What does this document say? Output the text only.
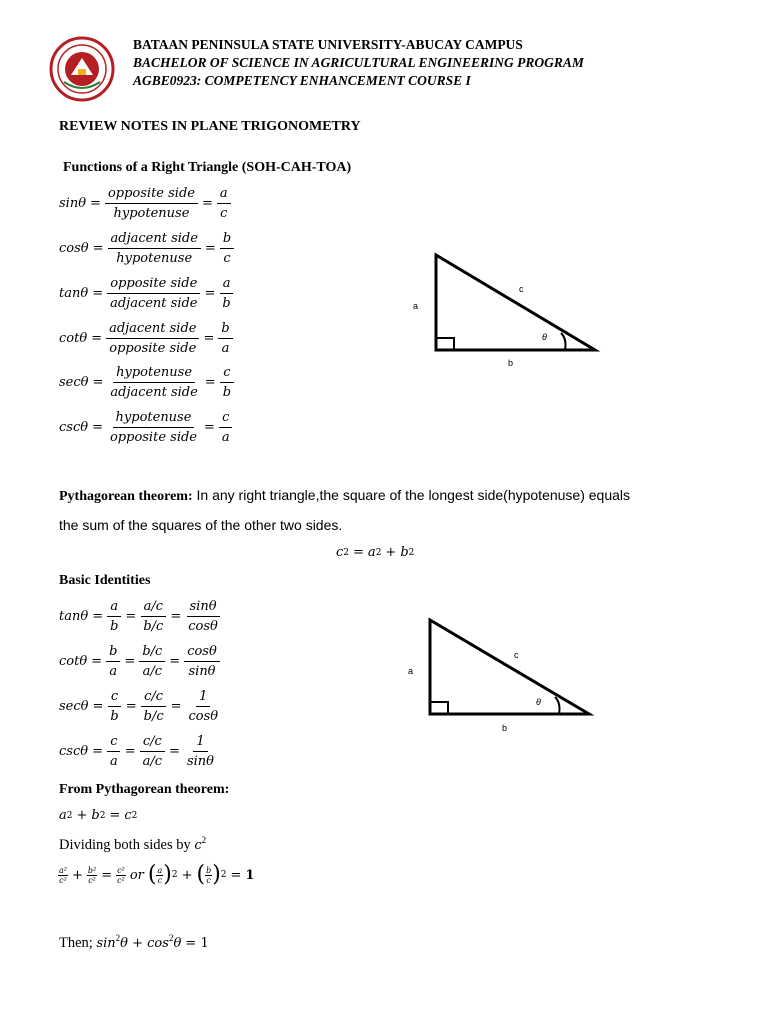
BATAAN PENINSULA STATE UNIVERSITY-ABUCAY CAMPUS
BACHELOR OF SCIENCE IN AGRICULTURAL ENGINEERING PROGRAM
AGBE0923: COMPETENCY ENHANCEMENT COURSE I
REVIEW NOTES IN PLANE TRIGONOMETRY
Functions of a Right Triangle (SOH-CAH-TOA)
$\sin\theta = \frac{\text{opposite side}}{\text{hypotenuse}} = \frac{a}{c}$
$\cos\theta = \frac{\text{adjacent side}}{\text{hypotenuse}} = \frac{b}{c}$
$\tan\theta = \frac{\text{opposite side}}{\text{adjacent side}} = \frac{a}{b}$
$\cot\theta = \frac{\text{adjacent side}}{\text{opposite side}} = \frac{b}{a}$
$\sec\theta = \frac{\text{hypotenuse}}{\text{adjacent side}} = \frac{c}{b}$
$\csc\theta = \frac{\text{hypotenuse}}{\text{opposite side}} = \frac{c}{a}$
a
c
b
θ
Pythagorean theorem: In any right triangle,the square of the longest side(hypotenuse) equals
the sum of the squares of the other two sides.
c 2 = a 2 + b 2
Basic Identities
$\tan\theta = \frac{a}{b} = \frac{a/c}{b/c} = \frac{\sin\theta}{\cos\theta}$
$\cot\theta = \frac{b}{a} = \frac{b/c}{a/c} = \frac{\cos\theta}{\sin\theta}$
$\sec\theta = \frac{c}{b} = \frac{c/c}{b/c} = \frac{1}{\cos\theta}$
$\csc\theta = \frac{c}{a} = \frac{c/c}{a/c} = \frac{1}{\sin\theta}$
a
c
b
θ
From Pythagorean theorem:
a 2 + b 2 = c 2
Dividing both sides by $c^2$
$\frac{\text{a²}}{\text{c²}} + \frac{\text{b²}}{\text{c²}} = \frac{\text{c²}}{\text{c²}}$ or ( $\frac{a}{c}$ ) 2 + ( $\frac{b}{c}$ ) 2 = 1
Then; $\sin^2\theta + \cos^2\theta = 1$
